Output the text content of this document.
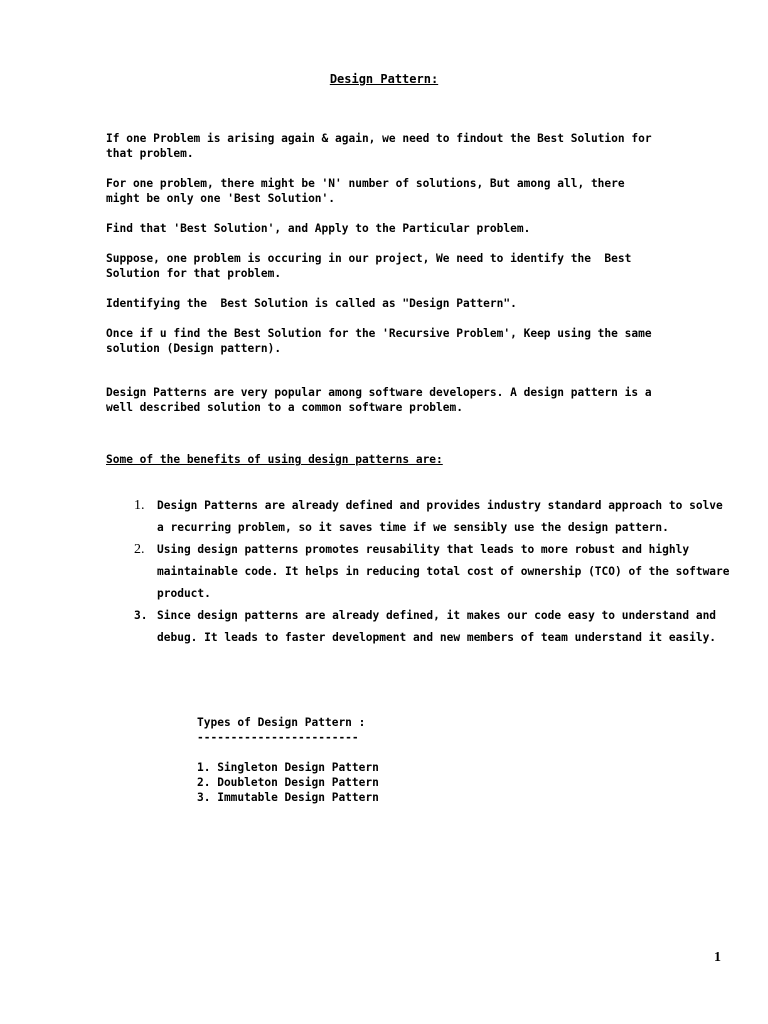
Design Pattern:
If one Problem is arising again & again, we need to findout the Best Solution for
that problem.
For one problem, there might be 'N' number of solutions, But among all, there
might be only one 'Best Solution'.
Find that 'Best Solution', and Apply to the Particular problem.
Suppose, one problem is occuring in our project, We need to identify the  Best
Solution for that problem.
Identifying the  Best Solution is called as "Design Pattern".
Once if u find the Best Solution for the 'Recursive Problem', Keep using the same
solution (Design pattern).
Design Patterns are very popular among software developers. A design pattern is a
well described solution to a common software problem.
Some of the benefits of using design patterns are:
1. Design Patterns are already defined and provides industry standard approach to solve a recurring problem, so it saves time if we sensibly use the design pattern.
2. Using design patterns promotes reusability that leads to more robust and highly maintainable code. It helps in reducing total cost of ownership (TCO) of the software product.
3. Since design patterns are already defined, it makes our code easy to understand and debug. It leads to faster development and new members of team understand it easily.
Types of Design Pattern :
------------------------
1. Singleton Design Pattern
2. Doubleton Design Pattern
3. Immutable Design Pattern
1
